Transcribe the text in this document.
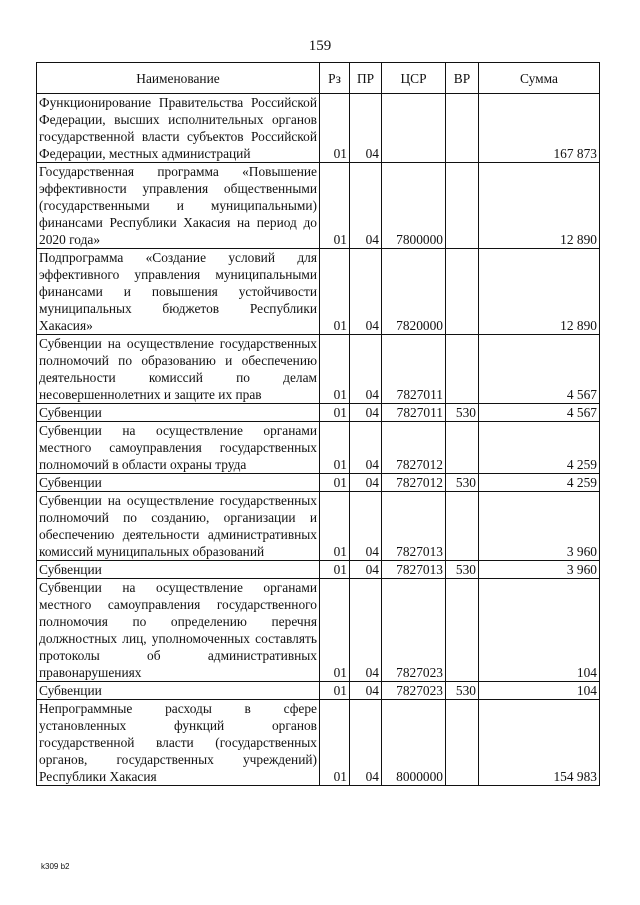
159
Наименование	Рз	ПР	ЦСР	ВР	Сумма
Функционирование Правительства Российской Федерации, высших исполнительных органов государственной власти субъектов Российской Федерации, местных администраций	01	04			167 873
Государственная программа «Повышение эффективности управления общественными (государственными и муниципальными) финансами Республики Хакасия на период до 2020 года»	01	04	7800000		12 890
Подпрограмма «Создание условий для эффективного управления муниципальными финансами и повышения устойчивости муниципальных бюджетов Республики Хакасия»	01	04	7820000		12 890
Субвенции на осуществление государственных полномочий по образованию и обеспечению деятельности комиссий по делам несовершеннолетних и защите их прав	01	04	7827011		4 567
Субвенции	01	04	7827011	530	4 567
Субвенции на осуществление органами местного самоуправления государственных полномочий в области охраны труда	01	04	7827012		4 259
Субвенции	01	04	7827012	530	4 259
Субвенции на осуществление государственных полномочий по созданию, организации и обеспечению деятельности административных комиссий муниципальных образований	01	04	7827013		3 960
Субвенции	01	04	7827013	530	3 960
Субвенции на осуществление органами местного самоуправления государственного полномочия по определению перечня должностных лиц, уполномоченных составлять протоколы об административных правонарушениях	01	04	7827023		104
Субвенции	01	04	7827023	530	104
Непрограммные расходы в сфере установленных функций органов государственной власти (государственных органов, государственных учреждений) Республики Хакасия	01	04	8000000		154 983
k309 b2
